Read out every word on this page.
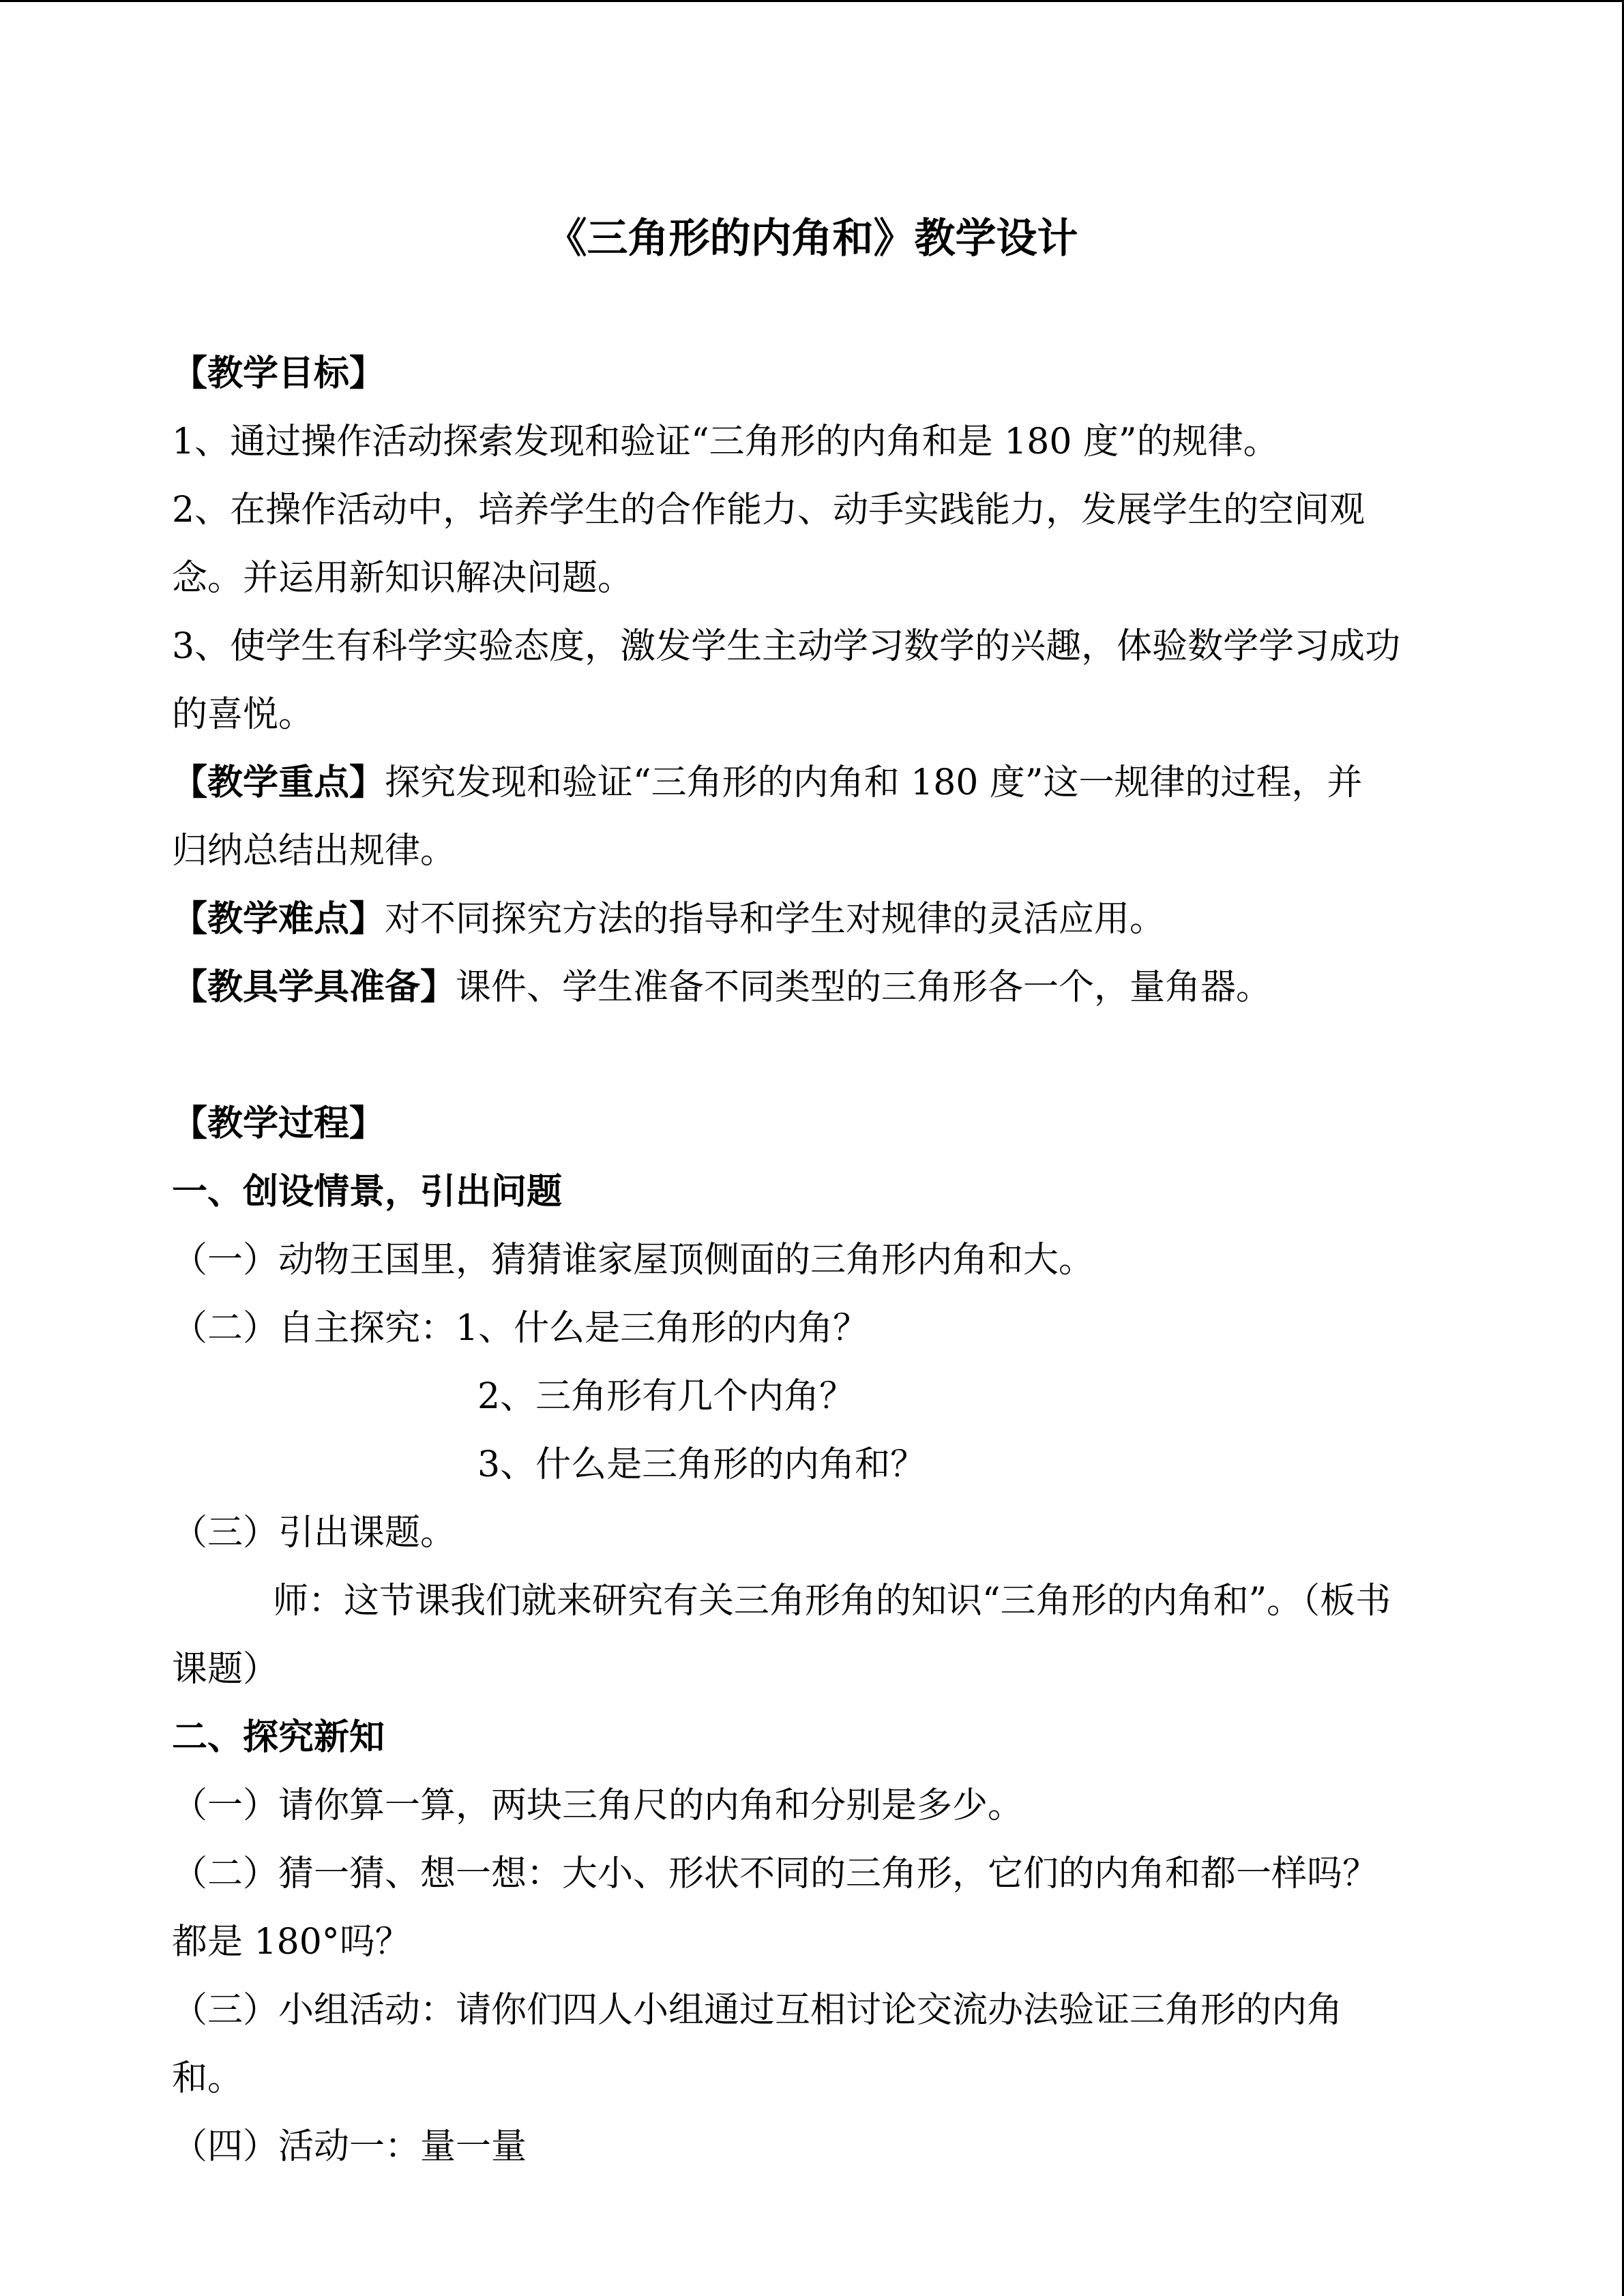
《三角形的内角和》教学设计
【教学目标】
1、通过操作活动探索发现和验证“三角形的内角和是 180 度”的规律。
2、在操作活动中，培养学生的合作能力、动手实践能力，发展学生的空间观
念。并运用新知识解决问题。
3、使学生有科学实验态度，激发学生主动学习数学的兴趣，体验数学学习成功
的喜悦。
【教学重点】探究发现和验证“三角形的内角和 180 度”这一规律的过程，并
归纳总结出规律。
【教学难点】对不同探究方法的指导和学生对规律的灵活应用。
【教具学具准备】课件、学生准备不同类型的三角形各一个，量角器。
【教学过程】
一、创设情景，引出问题
（一）动物王国里，猜猜谁家屋顶侧面的三角形内角和大。
（二）自主探究：1、什么是三角形的内角？
2、三角形有几个内角？
3、什么是三角形的内角和？
（三）引出课题。
师：这节课我们就来研究有关三角形角的知识“三角形的内角和”。（板书
课题）
二、探究新知
（一）请你算一算，两块三角尺的内角和分别是多少。
（二）猜一猜、想一想：大小、形状不同的三角形，它们的内角和都一样吗？
都是 180°吗？
（三）小组活动：请你们四人小组通过互相讨论交流办法验证三角形的内角
和。
（四）活动一：量一量
